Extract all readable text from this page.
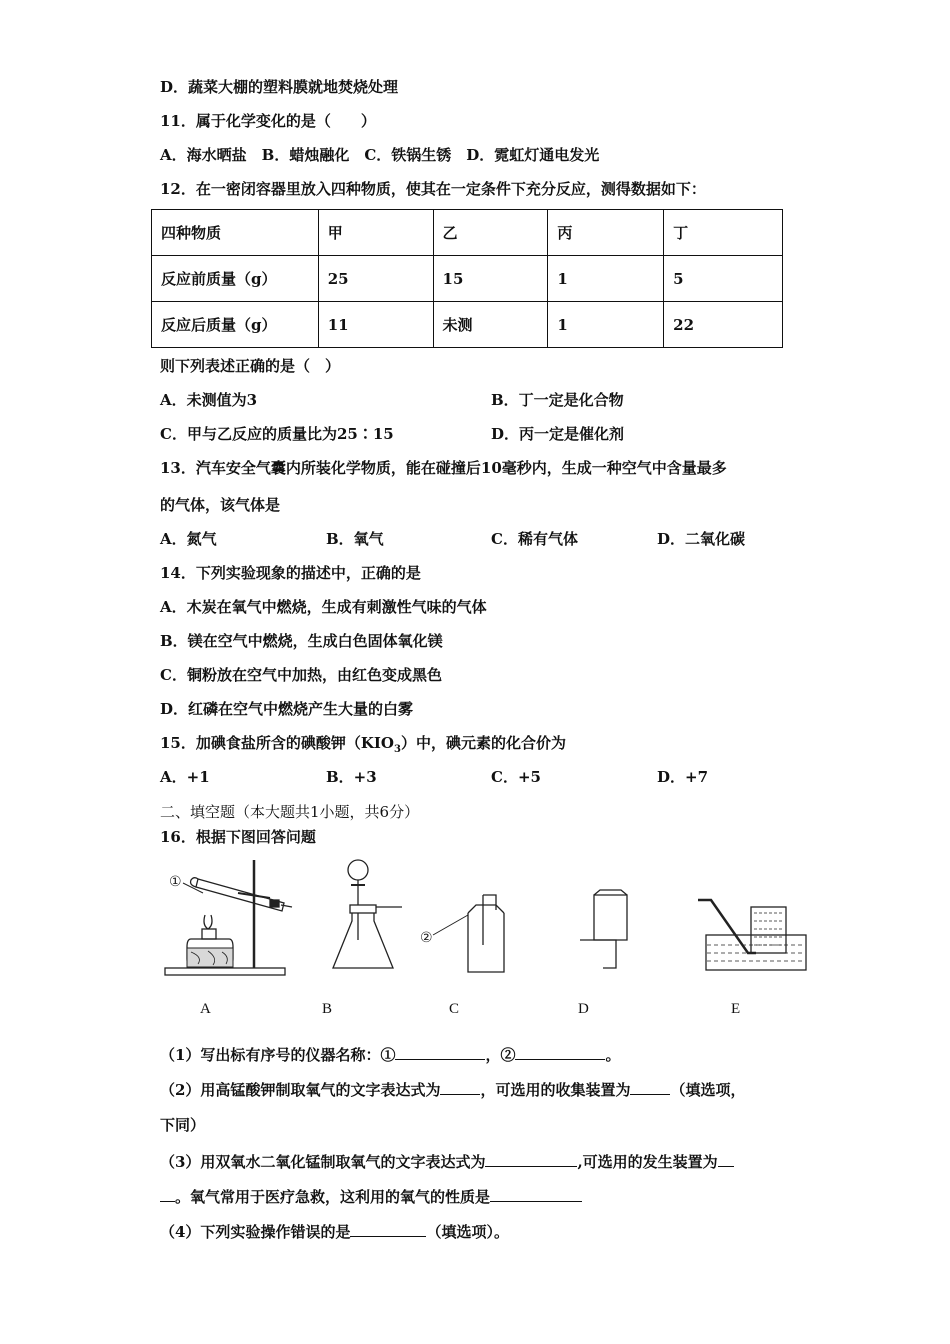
D．蔬菜大棚的塑料膜就地焚烧处理
11．属于化学变化的是（　　）
A．海水晒盐　B．蜡烛融化　C．铁锅生锈　D．霓虹灯通电发光
12．在一密闭容器里放入四种物质，使其在一定条件下充分反应，测得数据如下：
四种物质	甲	乙	丙	丁
反应前质量（g）	25	15	1	5
反应后质量（g）	11	未测	1	22
则下列表述正确的是（　）
A．未测值为3	B．丁一定是化合物
C．甲与乙反应的质量比为25∶15	D．丙一定是催化剂
13．汽车安全气囊内所装化学物质，能在碰撞后10毫秒内，生成一种空气中含量最多
的气体，该气体是
A．氮气	B．氧气	C．稀有气体	D．二氧化碳
14．下列实验现象的描述中，正确的是
A．木炭在氧气中燃烧，生成有刺激性气味的气体
B．镁在空气中燃烧，生成白色固体氧化镁
C．铜粉放在空气中加热，由红色变成黑色
D．红磷在空气中燃烧产生大量的白雾
15．加碘食盐所含的碘酸钾$(KIO_3)$中，碘元素的化合价为
A．+1	B．+3	C．+5	D．+7
二、填空题（本大题共1小题，共6分）
16．根据下图回答问题
①
②
A	B	C	D	E
（1）写出标有序号的仪器名称：①	，②	。
（2）用高锰酸钾制取氧气的文字表达式为	，可选用的收集装置为	（填选项，
下同）
（3）用双氧水二氧化锰制取氧气的文字表达式为	,可选用的发生装置为
。氧气常用于医疗急救，这利用的氧气的性质是
（4）下列实验操作错误的是	（填选项）。
